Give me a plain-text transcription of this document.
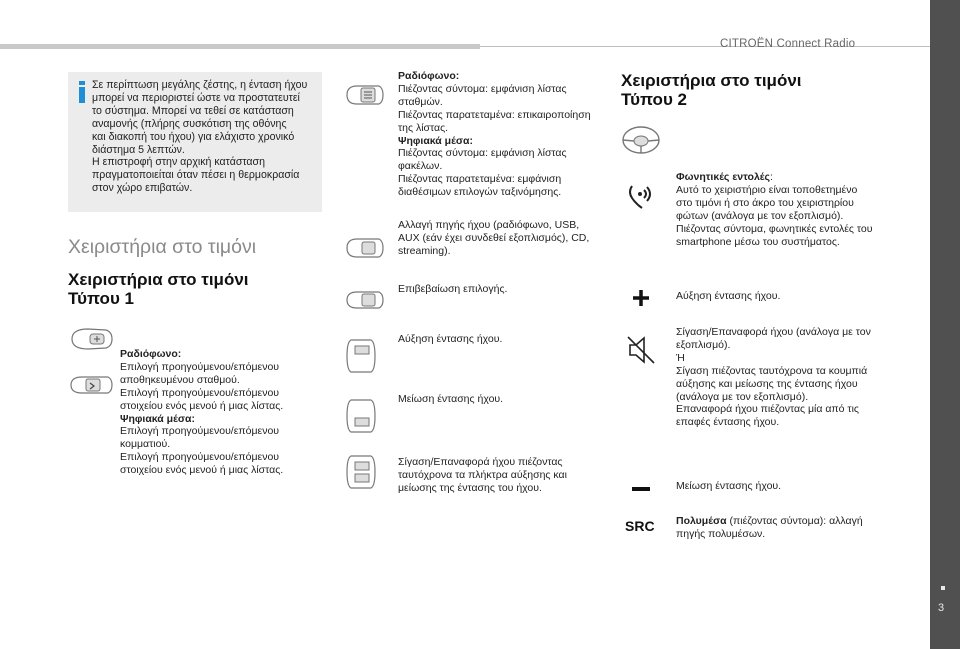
CITROËN Connect Radio
3
Σε περίπτωση μεγάλης ζέστης, η ένταση ήχου
μπορεί να περιοριστεί ώστε να προστατευτεί
το σύστημα. Μπορεί να τεθεί σε κατάσταση
αναμονής (πλήρης συσκότιση της οθόνης
και διακοπή του ήχου) για ελάχιστο χρονικό
διάστημα 5 λεπτών.
Η επιστροφή στην αρχική κατάσταση
πραγματοποιείται όταν πέσει η θερμοκρασία
στον χώρο επιβατών.
Χειριστήρια στο τιμόνι
Χειριστήρια στο τιμόνι
Τύπου 1
Ραδιόφωνο:
Επιλογή προηγούμενου/επόμενου
αποθηκευμένου σταθμού.
Επιλογή προηγούμενου/επόμενου
στοιχείου ενός μενού ή μιας λίστας.
Ψηφιακά μέσα:
Επιλογή προηγούμενου/επόμενου
κομματιού.
Επιλογή προηγούμενου/επόμενου
στοιχείου ενός μενού ή μιας λίστας.
Ραδιόφωνο:
Πιέζοντας σύντομα: εμφάνιση λίστας
σταθμών.
Πιέζοντας παρατεταμένα: επικαιροποίηση
της λίστας.
Ψηφιακά μέσα:
Πιέζοντας σύντομα: εμφάνιση λίστας
φακέλων.
Πιέζοντας παρατεταμένα: εμφάνιση
διαθέσιμων επιλογών ταξινόμησης.
Αλλαγή πηγής ήχου (ραδιόφωνο, USB,
AUX (εάν έχει συνδεθεί εξοπλισμός), CD,
streaming).
Επιβεβαίωση επιλογής.
Αύξηση έντασης ήχου.
Μείωση έντασης ήχου.
Σίγαση/Επαναφορά ήχου πιέζοντας
ταυτόχρονα τα πλήκτρα αύξησης και
μείωσης της έντασης του ήχου.
Χειριστήρια στο τιμόνι
Τύπου 2
Φωνητικές εντολές:
Αυτό το χειριστήριο είναι τοποθετημένο
στο τιμόνι ή στο άκρο του χειριστηρίου
φώτων (ανάλογα με τον εξοπλισμό).
Πιέζοντας σύντομα, φωνητικές εντολές του
smartphone μέσω του συστήματος.
Αύξηση έντασης ήχου.
Σίγαση/Επαναφορά ήχου (ανάλογα με τον
εξοπλισμό).
Ή
Σίγαση πιέζοντας ταυτόχρονα τα κουμπιά
αύξησης και μείωσης της έντασης ήχου
(ανάλογα με τον εξοπλισμό).
Επαναφορά ήχου πιέζοντας μία από τις
επαφές έντασης ήχου.
Μείωση έντασης ήχου.
SRC Πολυμέσα (πιέζοντας σύντομα): αλλαγή
πηγής πολυμέσων.
